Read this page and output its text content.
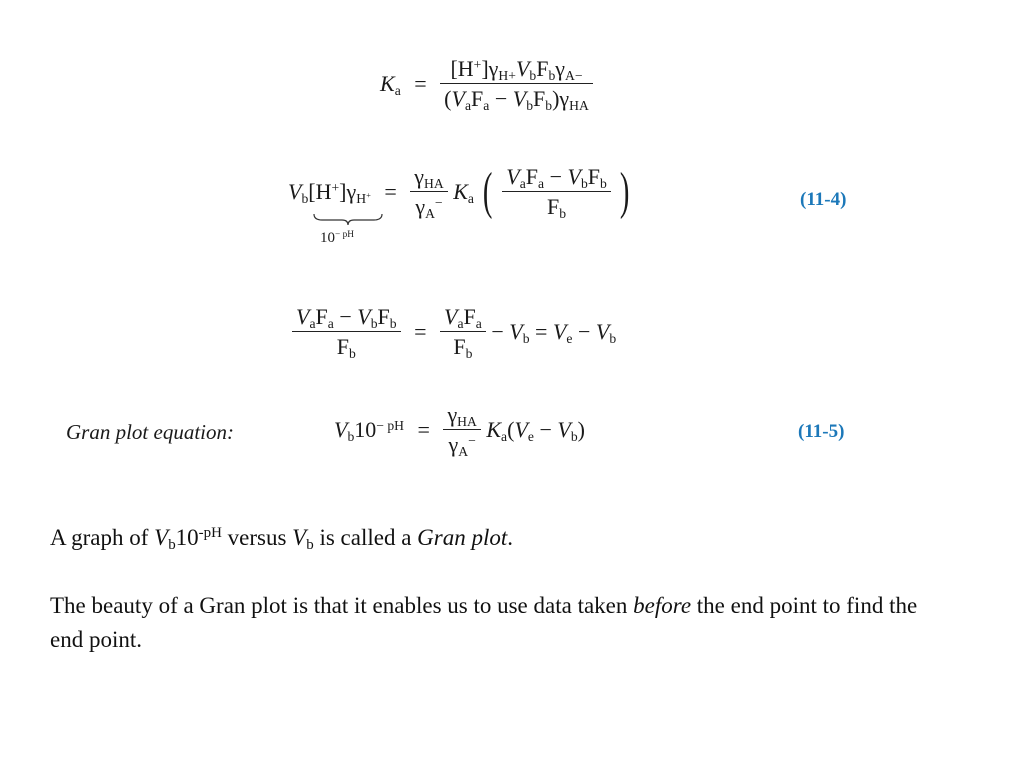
$K_a = \frac{[H^+]\gamma_{H+}V_bF_b\gamma_{A-}}{(V_aF_a - V_bF_b)\gamma_{HA}}$
$V_b[H^+]\gamma_{H^+} = \frac{\gamma_{HA}}{\gamma_A^-} K_a$ ( $\frac{V_aF_a - V_bF_b}{F_b}$ )
$10^{- pH}$
(11-4)
$\frac{V_aF_a - V_bF_b}{F_b} = \frac{V_aF_a}{F_b} - V_b = V_e - V_b$
Gran plot equation:	$V_b10^{- pH} = \frac{\gamma_{HA}}{\gamma_A^-} K_a(V_e - V_b)$	(11-5)
A graph of $V_b10^{-pH}$ versus $V_b$ is called a Gran plot.
The beauty of a Gran plot is that it enables us to use data taken before the end point to find the end point.
